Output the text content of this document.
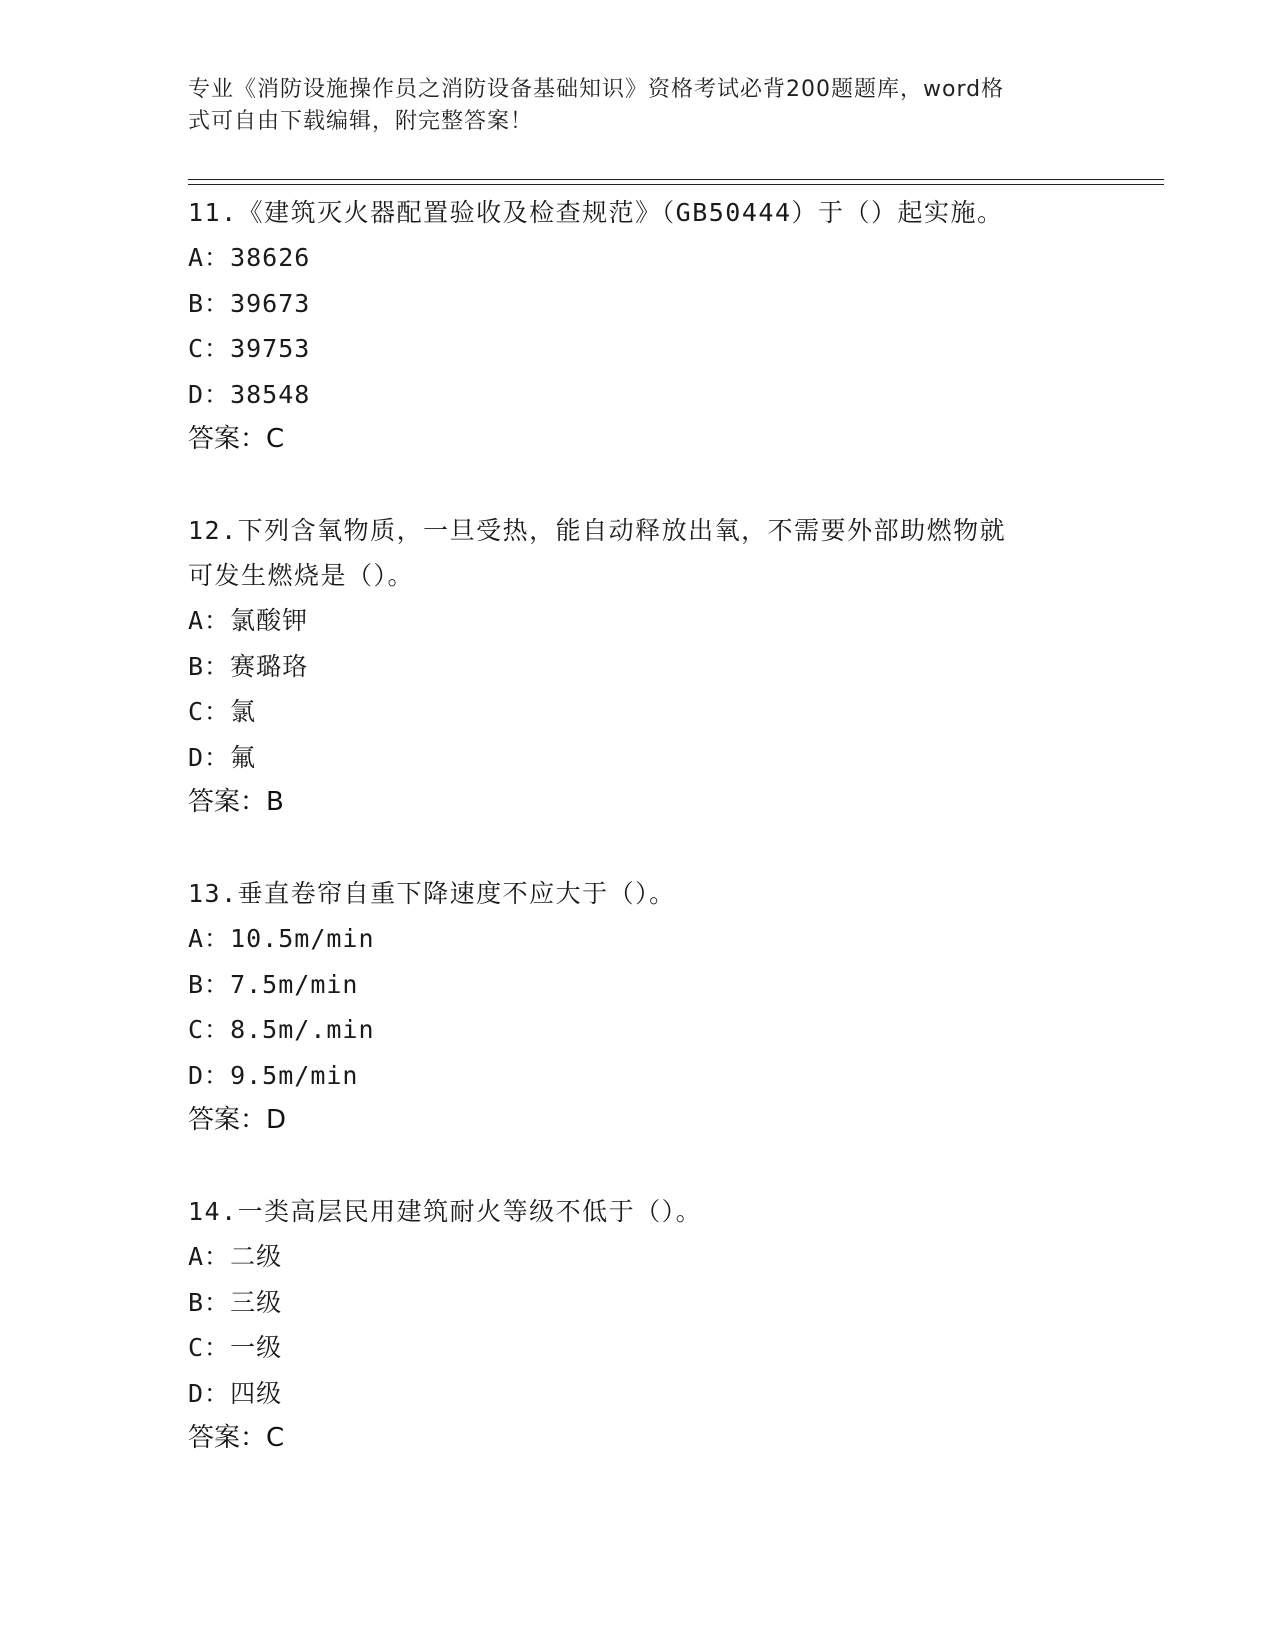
专业《消防设施操作员之消防设备基础知识》资格考试必背200题题库，word格
式可自由下载编辑，附完整答案！
11.《建筑灭火器配置验收及检查规范》（GB50444）于（）起实施。
A： 38626
B： 39673
C： 39753
D： 38548
答案： C
12.下列含氧物质，一旦受热，能自动释放出氧，不需要外部助燃物就
可发生燃烧是（）。
A： 氯酸钾
B： 赛璐珞
C： 氯
D： 氟
答案： B
13.垂直卷帘自重下降速度不应大于（）。
A： 10.5m/min
B： 7.5m/min
C： 8.5m/.min
D： 9.5m/min
答案： D
14.一类高层民用建筑耐火等级不低于（）。
A： 二级
B： 三级
C： 一级
D： 四级
答案： C
